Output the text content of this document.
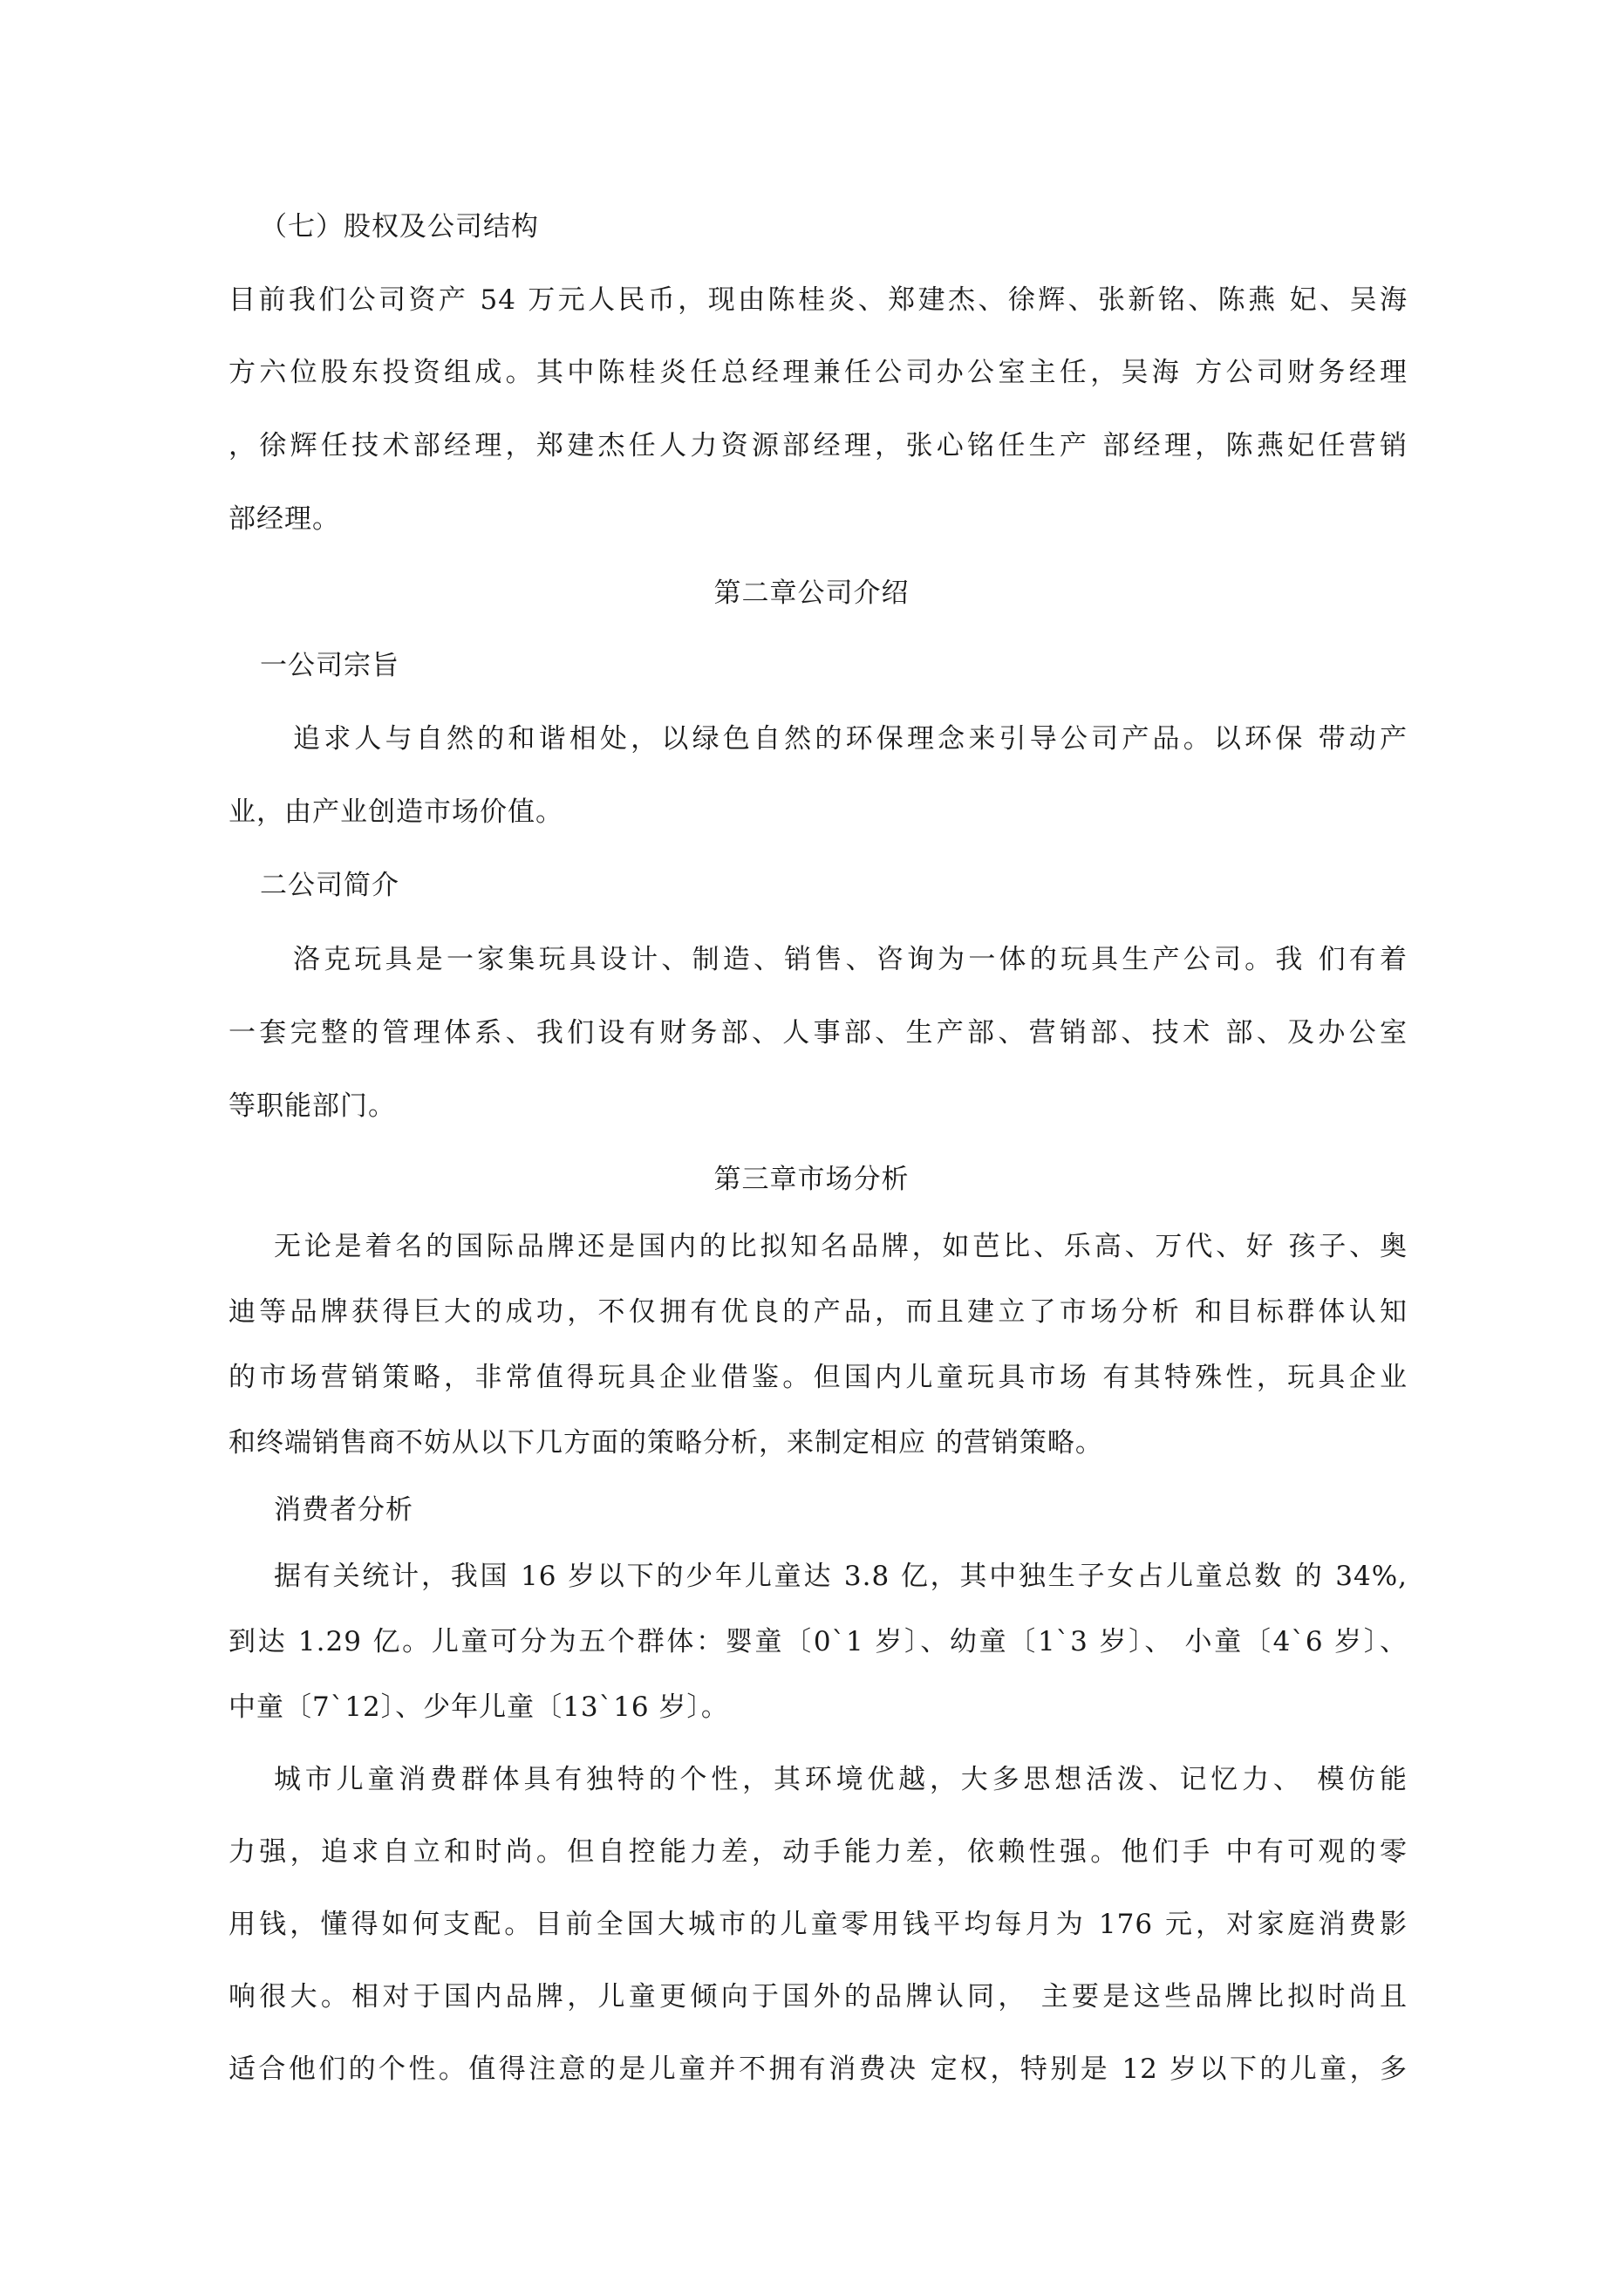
（七）股权及公司结构
目前我们公司资产 54 万元人民币，现由陈桂炎、郑建杰、徐辉、张新铭、陈燕 妃、吴海
方六位股东投资组成。其中陈桂炎任总经理兼任公司办公室主任，吴海 方公司财务经理
，徐辉任技术部经理，郑建杰任人力资源部经理，张心铭任生产 部经理，陈燕妃任营销
部经理。
第二章公司介绍
一公司宗旨
追求人与自然的和谐相处，以绿色自然的环保理念来引导公司产品。以环保 带动产
业，由产业创造市场价值。
二公司简介
洛克玩具是一家集玩具设计、制造、销售、咨询为一体的玩具生产公司。我 们有着
一套完整的管理体系、我们设有财务部、人事部、生产部、营销部、技术 部、及办公室
等职能部门。
第三章市场分析
无论是着名的国际品牌还是国内的比拟知名品牌，如芭比、乐高、万代、好 孩子、奥
迪等品牌获得巨大的成功，不仅拥有优良的产品，而且建立了市场分析 和目标群体认知
的市场营销策略，非常值得玩具企业借鉴。但国内儿童玩具市场 有其特殊性，玩具企业
和终端销售商不妨从以下几方面的策略分析，来制定相应 的营销策略。
消费者分析
据有关统计，我国 16 岁以下的少年儿童达 3.8 亿，其中独生子女占儿童总数 的 34%,
到达 1.29 亿。儿童可分为五个群体：婴童〔0`1 岁〕、幼童〔1`3 岁〕、 小童〔4`6 岁〕、
中童〔7`12〕、少年儿童〔13`16 岁〕。
城市儿童消费群体具有独特的个性，其环境优越，大多思想活泼、记忆力、 模仿能
力强，追求自立和时尚。但自控能力差，动手能力差，依赖性强。他们手 中有可观的零
用钱，懂得如何支配。目前全国大城市的儿童零用钱平均每月为 176 元，对家庭消费影
响很大。相对于国内品牌，儿童更倾向于国外的品牌认同， 主要是这些品牌比拟时尚且
适合他们的个性。值得注意的是儿童并不拥有消费决 定权，特别是 12 岁以下的儿童，多
